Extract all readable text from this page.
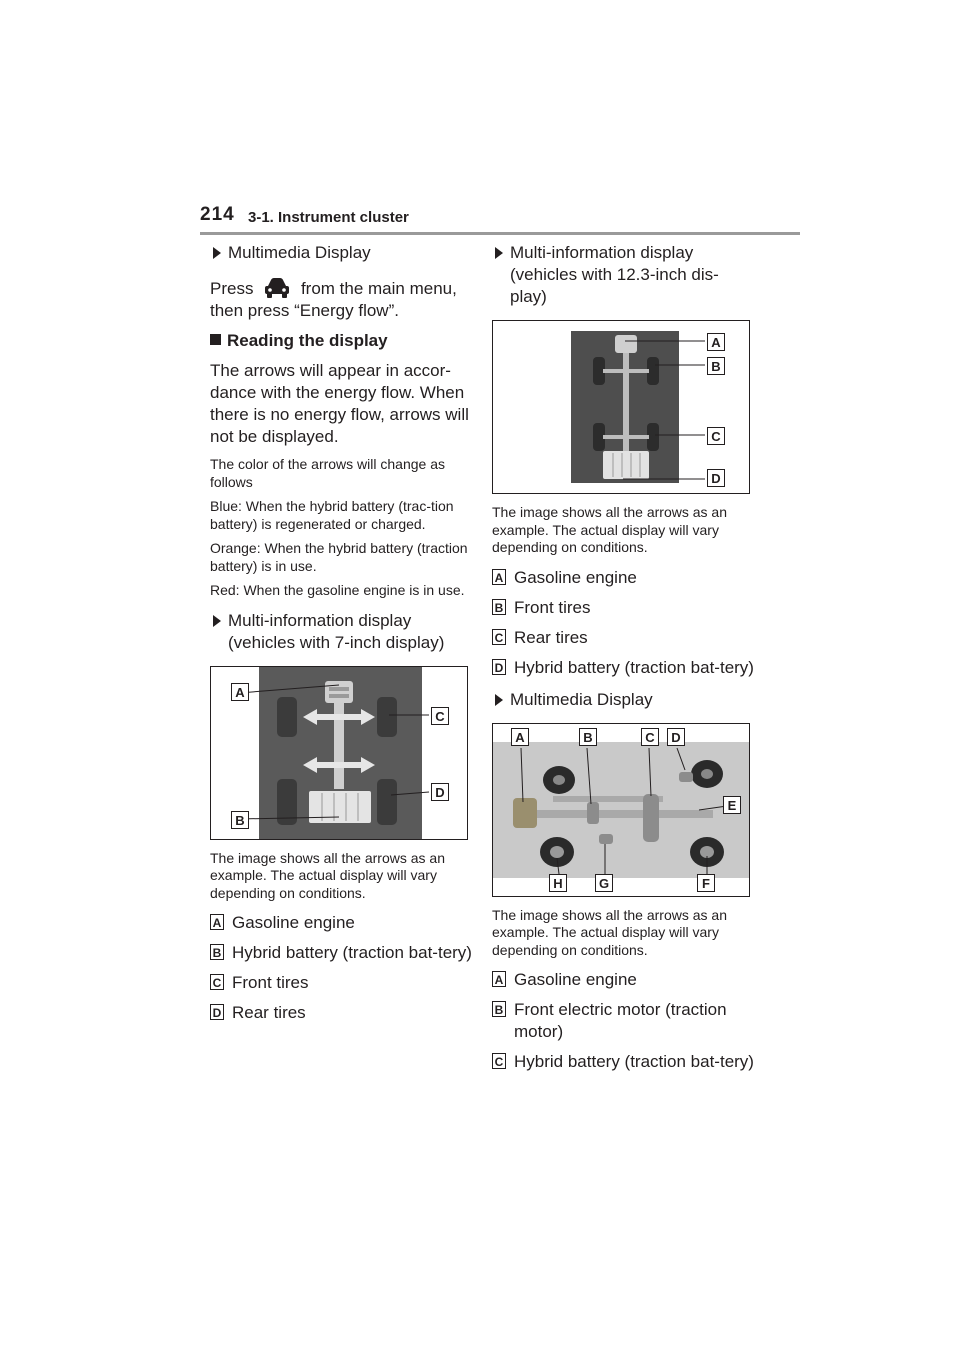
214 3-1. Instrument cluster
Multimedia Display

Press	from the main menu, then press “Energy flow”.

Reading the display

The arrows will appear in accor-dance with the energy flow. When there is no energy flow, arrows will not be displayed.

The color of the arrows will change as follows

Blue: When the hybrid battery (trac-tion battery) is regenerated or charged.

Orange: When the hybrid battery (traction battery) is in use.

Red: When the gasoline engine is in use.

Multi-information display (vehicles with 7-inch display)
A
B
C
D

The image shows all the arrows as an example. The actual display will vary depending on conditions.

A Gasoline engine
B Hybrid battery (traction bat-tery)
C Front tires
D Rear tires
Multi-information display (vehicles with 12.3-inch dis-play)
A
B
C
D

The image shows all the arrows as an example. The actual display will vary depending on conditions.

A Gasoline engine
B Front tires
C Rear tires
D Hybrid battery (traction bat-tery)
Multimedia Display
A	B	C	D
E
F
G
H

The image shows all the arrows as an example. The actual display will vary depending on conditions.

A Gasoline engine
B Front electric motor (traction motor)
C Hybrid battery (traction bat-tery)
